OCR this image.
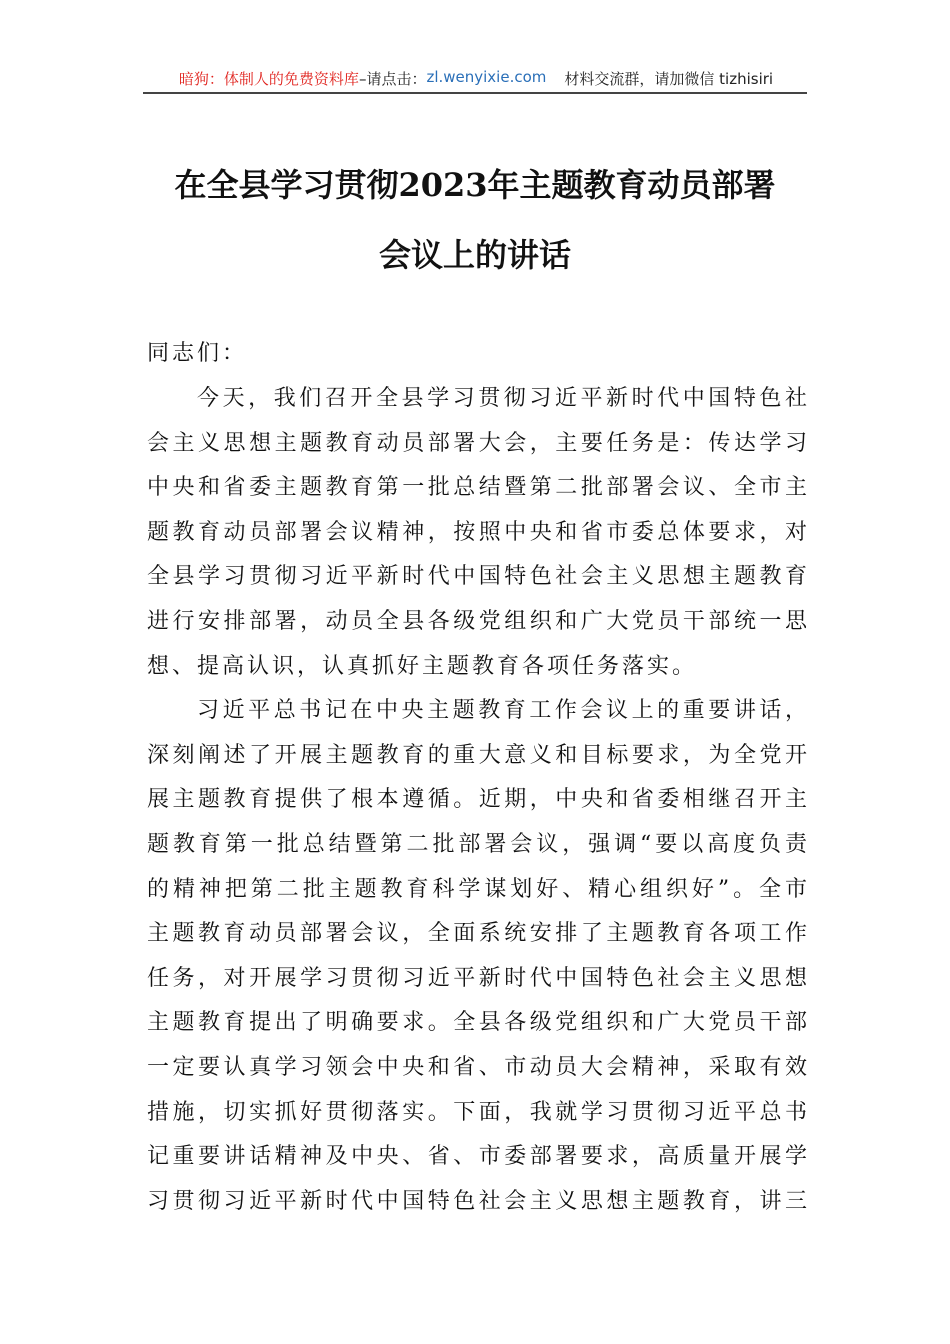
暗狗：体制人的免费资料库 –请点击： zl.wenyixie.com 材料交流群，请加微信 tizhisiri
在全县学习贯彻2023年主题教育动员部署
会议上的讲话
同志们：
今天，我们召开全县学习贯彻习近平新时代中国特色社
会主义思想主题教育动员部署大会，主要任务是：传达学习
中央和省委主题教育第一批总结暨第二批部署会议、全市主
题教育动员部署会议精神，按照中央和省市委总体要求，对
全县学习贯彻习近平新时代中国特色社会主义思想主题教育
进行安排部署，动员全县各级党组织和广大党员干部统一思
想、提高认识，认真抓好主题教育各项任务落实。
习近平总书记在中央主题教育工作会议上的重要讲话，
深刻阐述了开展主题教育的重大意义和目标要求，为全党开
展主题教育提供了根本遵循。近期，中央和省委相继召开主
题教育第一批总结暨第二批部署会议，强调“要以高度负责
的精神把第二批主题教育科学谋划好、精心组织好”。全市
主题教育动员部署会议，全面系统安排了主题教育各项工作
任务，对开展学习贯彻习近平新时代中国特色社会主义思想
主题教育提出了明确要求。全县各级党组织和广大党员干部
一定要认真学习领会中央和省、市动员大会精神，采取有效
措施，切实抓好贯彻落实。下面，我就学习贯彻习近平总书
记重要讲话精神及中央、省、市委部署要求，高质量开展学
习贯彻习近平新时代中国特色社会主义思想主题教育，讲三
